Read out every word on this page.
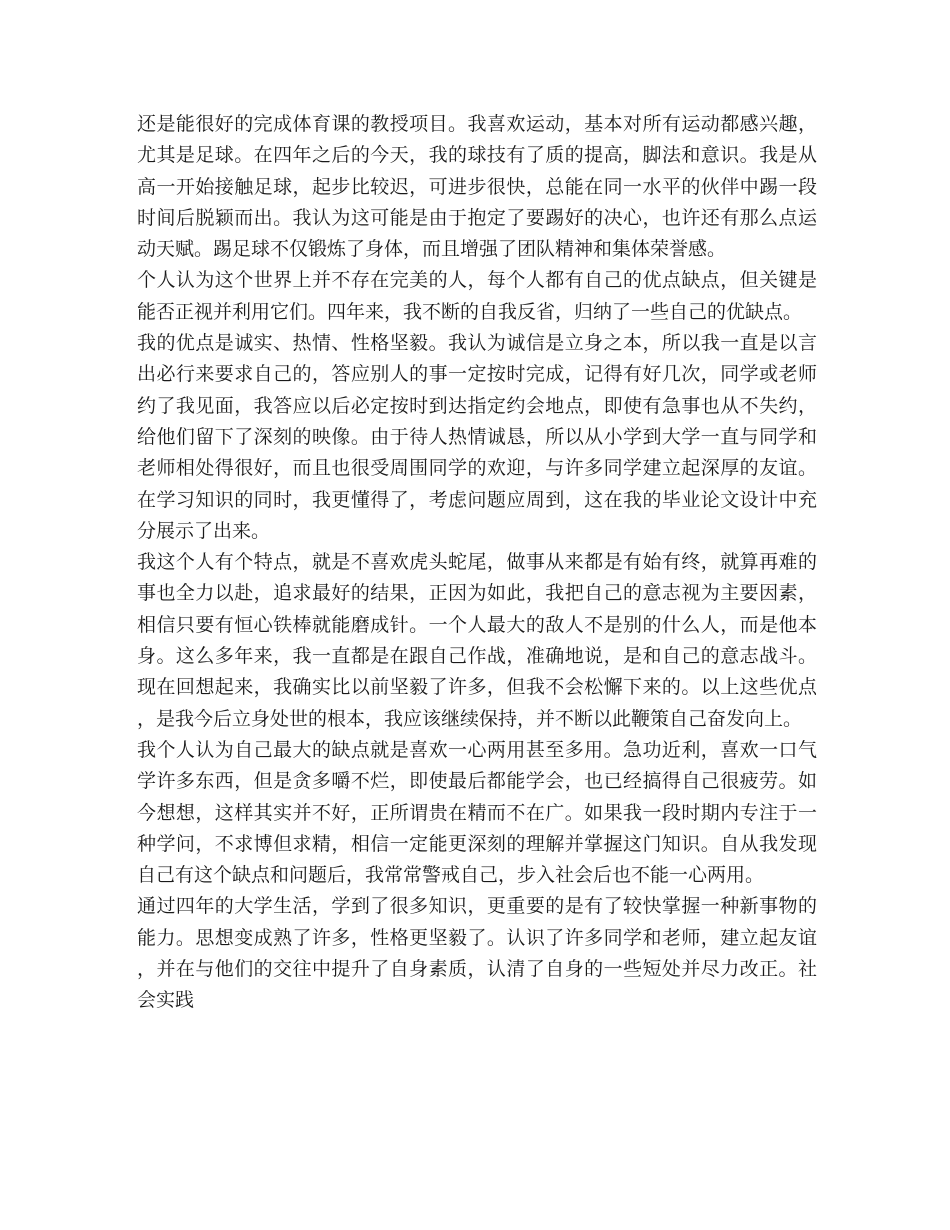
还是能很好的完成体育课的教授项目。我喜欢运动，基本对所有运动都感兴趣，尤其是足球。在四年之后的今天，我的球技有了质的提高，脚法和意识。我是从高一开始接触足球，起步比较迟，可进步很快，总能在同一水平的伙伴中踢一段时间后脱颖而出。我认为这可能是由于抱定了要踢好的决心，也许还有那么点运动天赋。踢足球不仅锻炼了身体，而且增强了团队精神和集体荣誉感。

个人认为这个世界上并不存在完美的人，每个人都有自己的优点缺点，但关键是能否正视并利用它们。四年来，我不断的自我反省，归纳了一些自己的优缺点。

我的优点是诚实、热情、性格坚毅。我认为诚信是立身之本，所以我一直是以言出必行来要求自己的，答应别人的事一定按时完成，记得有好几次，同学或老师约了我见面，我答应以后必定按时到达指定约会地点，即使有急事也从不失约，给他们留下了深刻的映像。由于待人热情诚恳，所以从小学到大学一直与同学和老师相处得很好，而且也很受周围同学的欢迎，与许多同学建立起深厚的友谊。在学习知识的同时，我更懂得了，考虑问题应周到，这在我的毕业论文设计中充分展示了出来。

我这个人有个特点，就是不喜欢虎头蛇尾，做事从来都是有始有终，就算再难的事也全力以赴，追求最好的结果，正因为如此，我把自己的意志视为主要因素，相信只要有恒心铁棒就能磨成针。一个人最大的敌人不是别的什么人，而是他本身。这么多年来，我一直都是在跟自己作战，准确地说，是和自己的意志战斗。现在回想起来，我确实比以前坚毅了许多，但我不会松懈下来的。以上这些优点，是我今后立身处世的根本，我应该继续保持，并不断以此鞭策自己奋发向上。

我个人认为自己最大的缺点就是喜欢一心两用甚至多用。急功近利，喜欢一口气学许多东西，但是贪多嚼不烂，即使最后都能学会，也已经搞得自己很疲劳。如今想想，这样其实并不好，正所谓贵在精而不在广。如果我一段时期内专注于一种学问，不求博但求精，相信一定能更深刻的理解并掌握这门知识。自从我发现自己有这个缺点和问题后，我常常警戒自己，步入社会后也不能一心两用。

通过四年的大学生活，学到了很多知识，更重要的是有了较快掌握一种新事物的能力。思想变成熟了许多，性格更坚毅了。认识了许多同学和老师，建立起友谊，并在与他们的交往中提升了自身素质，认清了自身的一些短处并尽力改正。社会实践
